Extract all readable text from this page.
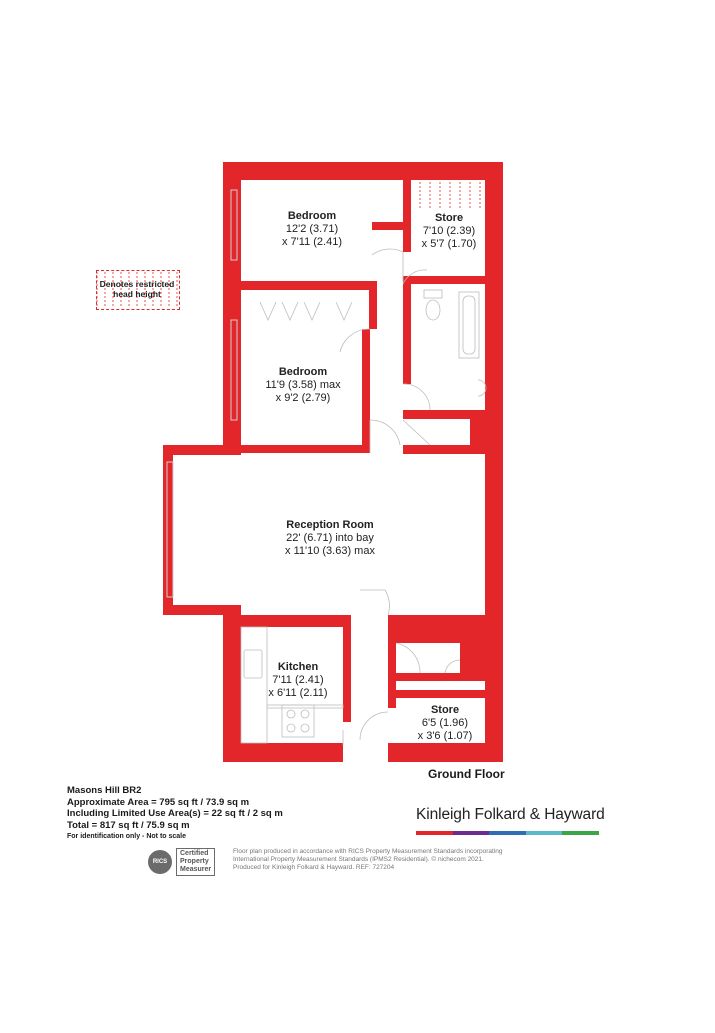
Denotes restricted
head height
Bedroom
12'2 (3.71)
x 7'11 (2.41)
Store
7'10 (2.39)
x 5'7 (1.70)
Bedroom
11'9 (3.58) max
x 9'2 (2.79)
Reception Room
22' (6.71) into bay
x 11'10 (3.63) max
Kitchen
7'11 (2.41)
x 6'11 (2.11)
Store
6'5 (1.96)
x 3'6 (1.07)
Ground Floor
Masons Hill BR2
Approximate Area = 795 sq ft / 73.9 sq m
Including Limited Use Area(s) = 22 sq ft / 2 sq m
Total = 817 sq ft / 75.9 sq m
For identification only - Not to scale
Kinleigh Folkard & Hayward
RICS
Certified
Property
Measurer
Floor plan produced in accordance with RICS Property Measurement Standards incorporating
International Property Measurement Standards (IPMS2 Residential). © nichecom 2021.
Produced for Kinleigh Folkard & Hayward. REF: 727204
